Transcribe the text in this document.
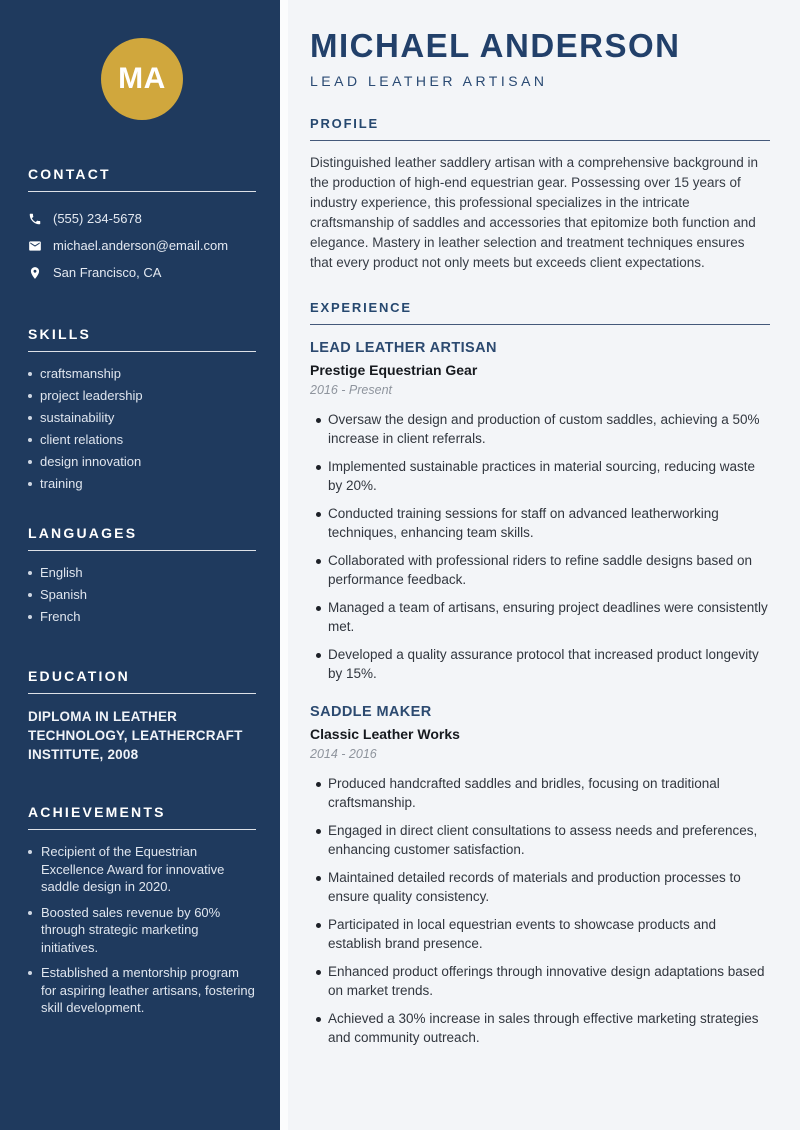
MA
CONTACT
(555) 234-5678
michael.anderson@email.com
San Francisco, CA
SKILLS
craftsmanship
project leadership
sustainability
client relations
design innovation
training
LANGUAGES
English
Spanish
French
EDUCATION

DIPLOMA IN LEATHER TECHNOLOGY, LEATHERCRAFT INSTITUTE, 2008

ACHIEVEMENTS
Recipient of the Equestrian Excellence Award for innovative saddle design in 2020.
Boosted sales revenue by 60% through strategic marketing initiatives.
Established a mentorship program for aspiring leather artisans, fostering skill development.
MICHAEL ANDERSON
LEAD LEATHER ARTISAN
PROFILE

Distinguished leather saddlery artisan with a comprehensive background in the production of high-end equestrian gear. Possessing over 15 years of industry experience, this professional specializes in the intricate craftsmanship of saddles and accessories that epitomize both function and elegance. Mastery in leather selection and treatment techniques ensures that every product not only meets but exceeds client expectations.

EXPERIENCE
LEAD LEATHER ARTISAN
Prestige Equestrian Gear
2016 - Present
Oversaw the design and production of custom saddles, achieving a 50% increase in client referrals.
Implemented sustainable practices in material sourcing, reducing waste by 20%.
Conducted training sessions for staff on advanced leatherworking techniques, enhancing team skills.
Collaborated with professional riders to refine saddle designs based on performance feedback.
Managed a team of artisans, ensuring project deadlines were consistently met.
Developed a quality assurance protocol that increased product longevity by 15%.
SADDLE MAKER
Classic Leather Works
2014 - 2016
Produced handcrafted saddles and bridles, focusing on traditional craftsmanship.
Engaged in direct client consultations to assess needs and preferences, enhancing customer satisfaction.
Maintained detailed records of materials and production processes to ensure quality consistency.
Participated in local equestrian events to showcase products and establish brand presence.
Enhanced product offerings through innovative design adaptations based on market trends.
Achieved a 30% increase in sales through effective marketing strategies and community outreach.
